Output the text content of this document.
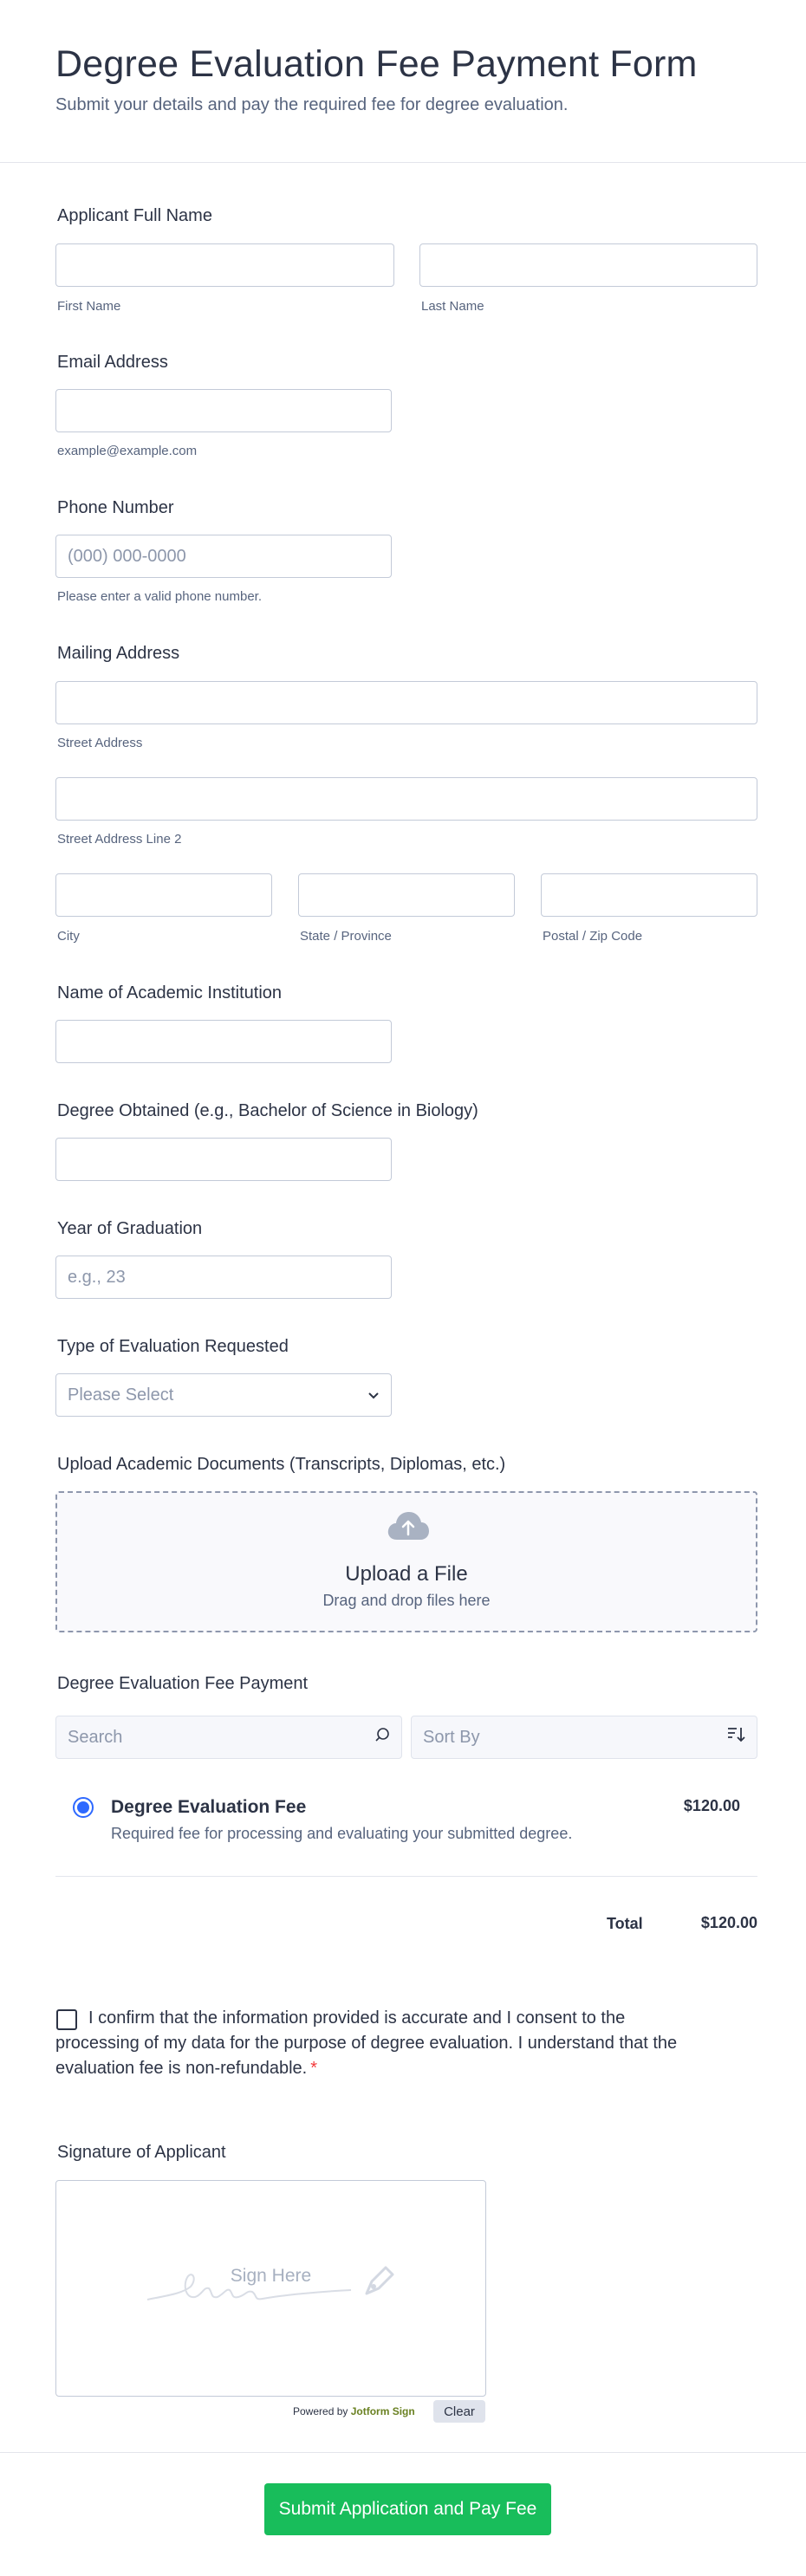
Degree Evaluation Fee Payment Form
Submit your details and pay the required fee for degree evaluation.
Applicant Full Name
First Name	Last Name
Email Address
example@example.com
Phone Number
(000) 000-0000
Please enter a valid phone number.
Mailing Address
Street Address
Street Address Line 2
City	State / Province	Postal / Zip Code
Name of Academic Institution
Degree Obtained (e.g., Bachelor of Science in Biology)
Year of Graduation
e.g., 23
Type of Evaluation Requested
Please Select
Upload Academic Documents (Transcripts, Diplomas, etc.)
Upload a File
Drag and drop files here
Degree Evaluation Fee Payment
Search	Sort By
Degree Evaluation Fee
Required fee for processing and evaluating your submitted degree.
$120.00
Total	$120.00
I confirm that the information provided is accurate and I consent to the processing of my data for the purpose of degree evaluation. I understand that the evaluation fee is non-refundable. *
Signature of Applicant
Sign Here
Powered by Jotform Sign	Clear
Submit Application and Pay Fee
